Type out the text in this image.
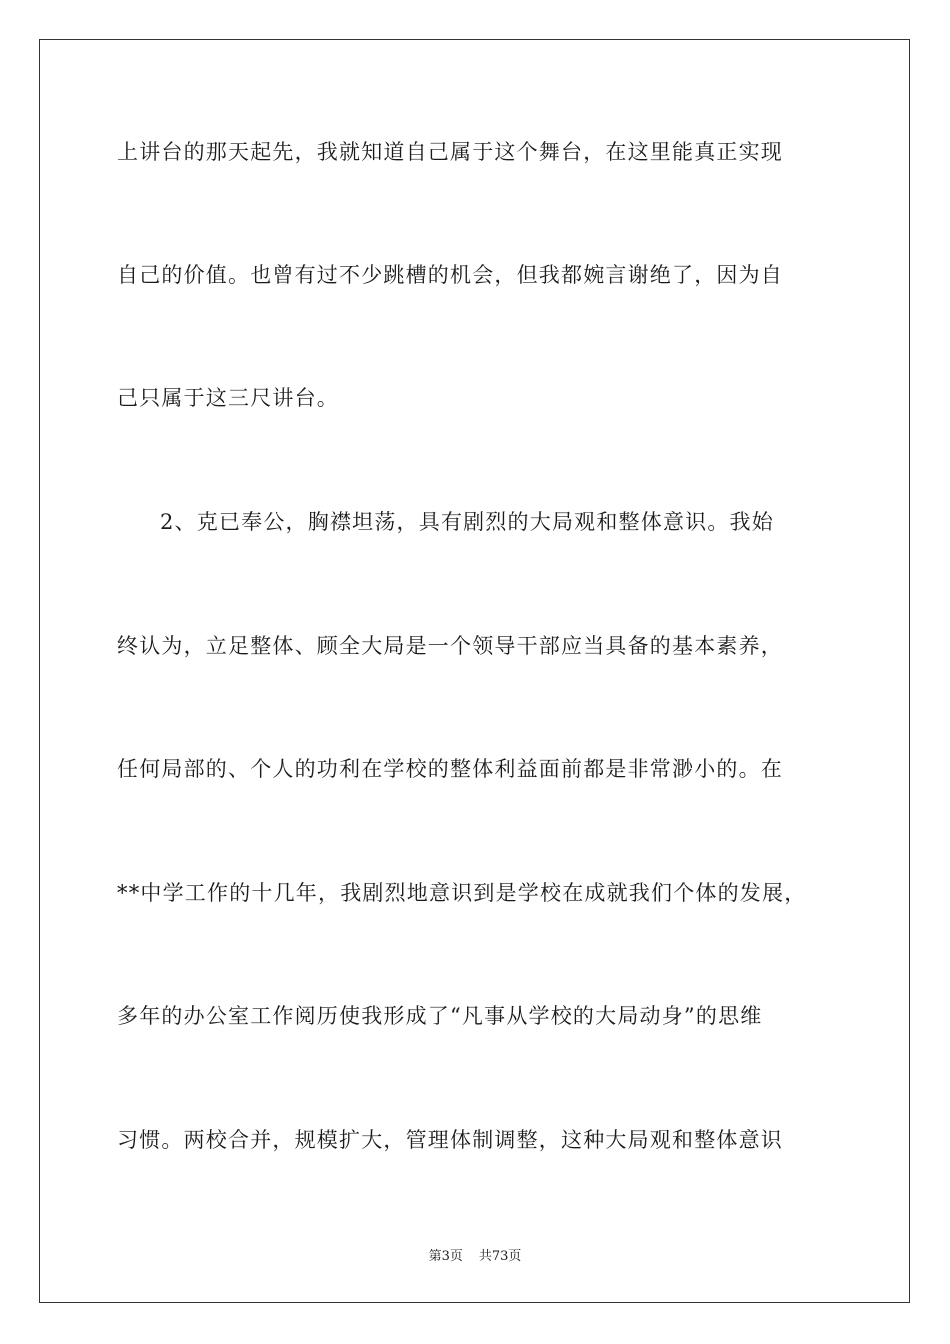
上讲台的那天起先，我就知道自己属于这个舞台，在这里能真正实现
自己的价值。也曾有过不少跳槽的机会，但我都婉言谢绝了，因为自
己只属于这三尺讲台。
2、克已奉公，胸襟坦荡，具有剧烈的大局观和整体意识。我始
终认为，立足整体、顾全大局是一个领导干部应当具备的基本素养，
任何局部的、个人的功利在学校的整体利益面前都是非常渺小的。在
**中学工作的十几年，我剧烈地意识到是学校在成就我们个体的发展，
多年的办公室工作阅历使我形成了“凡事从学校的大局动身”的思维
习惯。两校合并，规模扩大，管理体制调整，这种大局观和整体意识
第3页 共73页
